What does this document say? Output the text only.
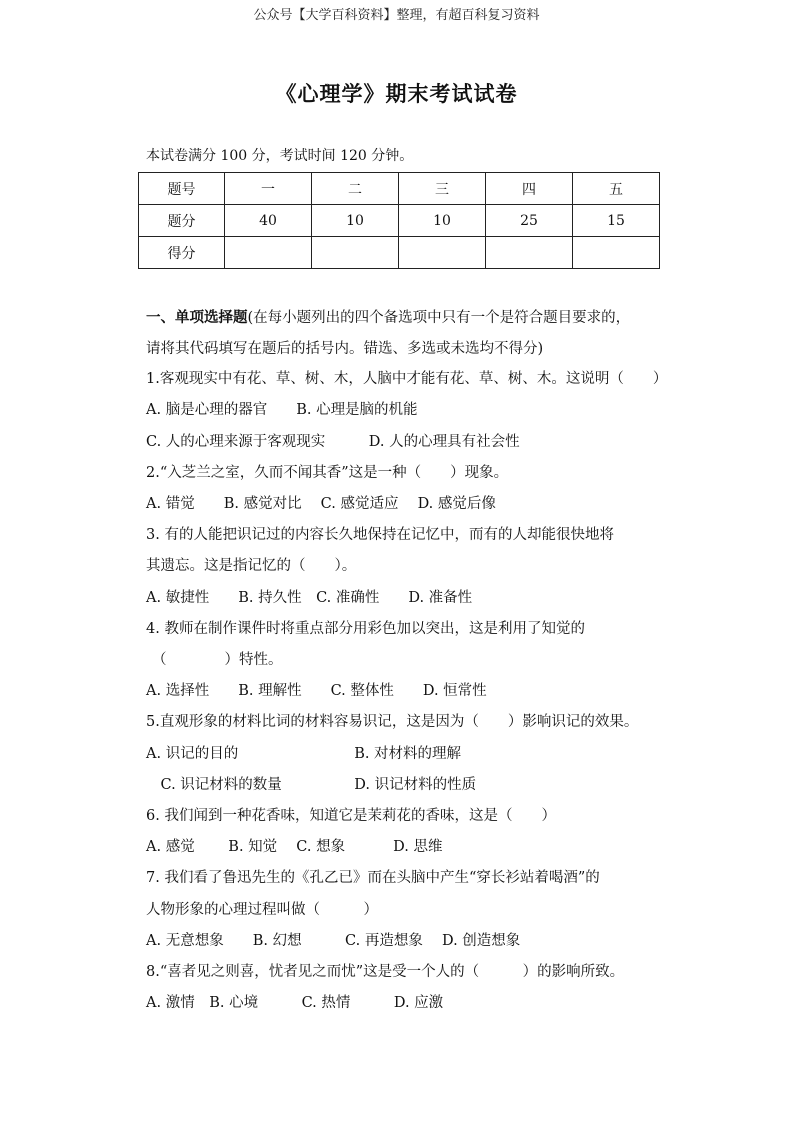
公众号【大学百科资料】整理，有超百科复习资料
《心理学》期末考试试卷
本试卷满分 100 分，考试时间 120 分钟。
题号	一	二	三	四	五
题分	40	10	10	25	15
得分					
一、单项选择题(在每小题列出的四个备选项中只有一个是符合题目要求的，
请将其代码填写在题后的括号内。错选、多选或未选均不得分)
1.客观现实中有花、草、树、木，人脑中才能有花、草、树、木。这说明（　　）
A. 脑是心理的器官　　B. 心理是脑的机能
C. 人的心理来源于客观现实　　　D. 人的心理具有社会性
2.“入芝兰之室，久而不闻其香”这是一种（　　）现象。
A. 错觉　　B. 感觉对比　 C. 感觉适应　 D. 感觉后像
3. 有的人能把识记过的内容长久地保持在记忆中，而有的人却能很快地将
其遗忘。这是指记忆的（　　）。
A. 敏捷性　　B. 持久性　C. 准确性　　D. 准备性
4. 教师在制作课件时将重点部分用彩色加以突出，这是利用了知觉的
（　　　　）特性。
A. 选择性　　B. 理解性　　C. 整体性　　D. 恒常性
5.直观形象的材料比词的材料容易识记，这是因为（　　）影响识记的效果。
A. 识记的目的　　　　　　　　B. 对材料的理解
　C. 识记材料的数量　　　　　D. 识记材料的性质
6. 我们闻到一种花香味，知道它是茉莉花的香味，这是（　　）
A. 感觉　　 B. 知觉　 C. 想象　　　 D. 思维
7. 我们看了鲁迅先生的《孔乙已》而在头脑中产生“穿长衫站着喝酒”的
人物形象的心理过程叫做（　　　）
A. 无意想象　　B. 幻想　　　C. 再造想象　 D. 创造想象
8.“喜者见之则喜，忧者见之而忧”这是受一个人的（　　　）的影响所致。
A. 激情　B. 心境　　　C. 热情　　　D. 应激
